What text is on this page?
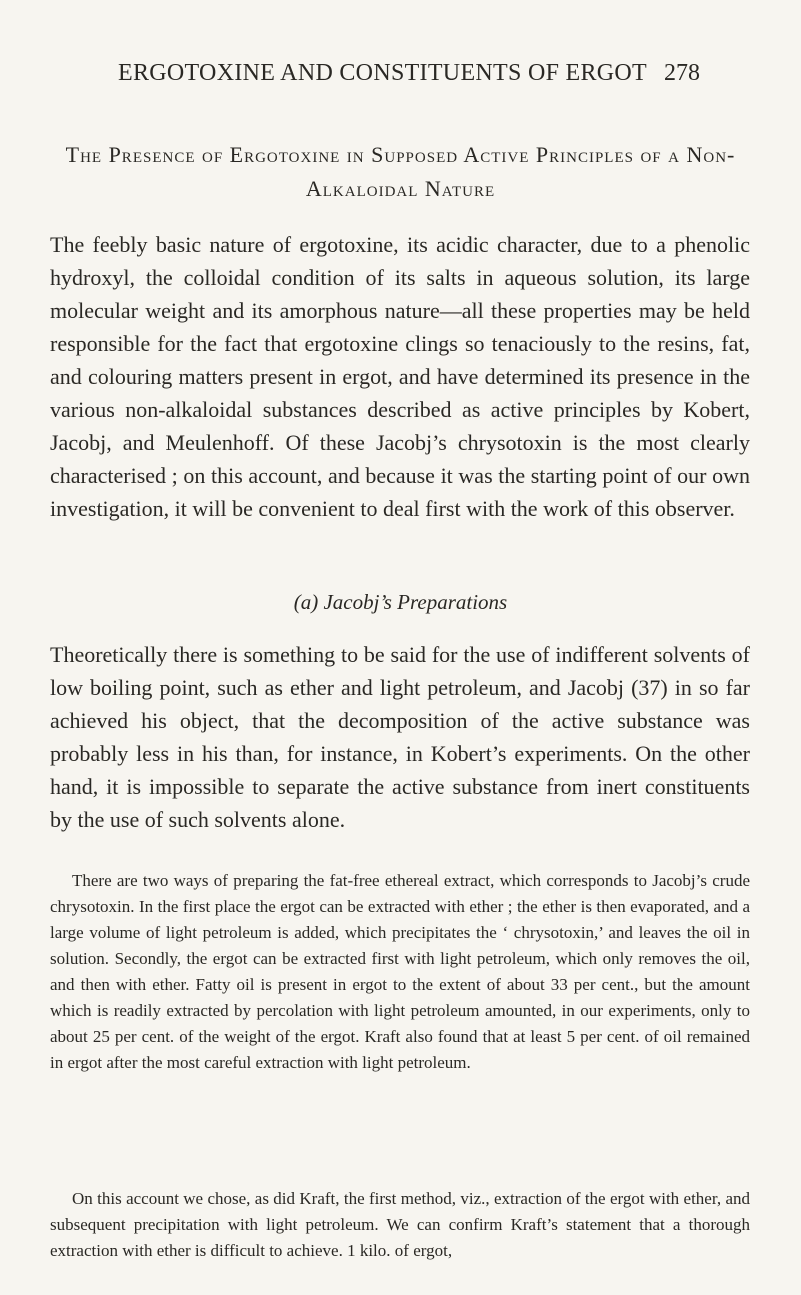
ERGOTOXINE AND CONSTITUENTS OF ERGOT 278
The Presence of Ergotoxine in Supposed Active Principles of a Non-Alkaloidal Nature

The feebly basic nature of ergotoxine, its acidic character, due to a phenolic hydroxyl, the colloidal condition of its salts in aqueous solution, its large molecular weight and its amorphous nature—all these properties may be held responsible for the fact that ergotoxine clings so tenaciously to the resins, fat, and colouring matters present in ergot, and have determined its presence in the various non-alkaloidal substances described as active principles by Kobert, Jacobj, and Meulenhoff. Of these Jacobj’s chrysotoxin is the most clearly characterised ; on this account, and because it was the starting point of our own investigation, it will be convenient to deal first with the work of this observer.

(a) Jacobj’s Preparations

Theoretically there is something to be said for the use of indifferent solvents of low boiling point, such as ether and light petroleum, and Jacobj (37) in so far achieved his object, that the decomposition of the active substance was probably less in his than, for instance, in Kobert’s experiments. On the other hand, it is impossible to separate the active substance from inert constituents by the use of such solvents alone.

There are two ways of preparing the fat-free ethereal extract, which corresponds to Jacobj’s crude chrysotoxin. In the first place the ergot can be extracted with ether ; the ether is then evaporated, and a large volume of light petroleum is added, which precipitates the ‘ chrysotoxin,’ and leaves the oil in solution. Secondly, the ergot can be extracted first with light petroleum, which only removes the oil, and then with ether. Fatty oil is present in ergot to the extent of about 33 per cent., but the amount which is readily extracted by percolation with light petroleum amounted, in our experiments, only to about 25 per cent. of the weight of the ergot. Kraft also found that at least 5 per cent. of oil remained in ergot after the most careful extraction with light petroleum.

On this account we chose, as did Kraft, the first method, viz., extraction of the ergot with ether, and subsequent precipitation with light petroleum. We can confirm Kraft’s statement that a thorough extraction with ether is difficult to achieve. 1 kilo. of ergot,
